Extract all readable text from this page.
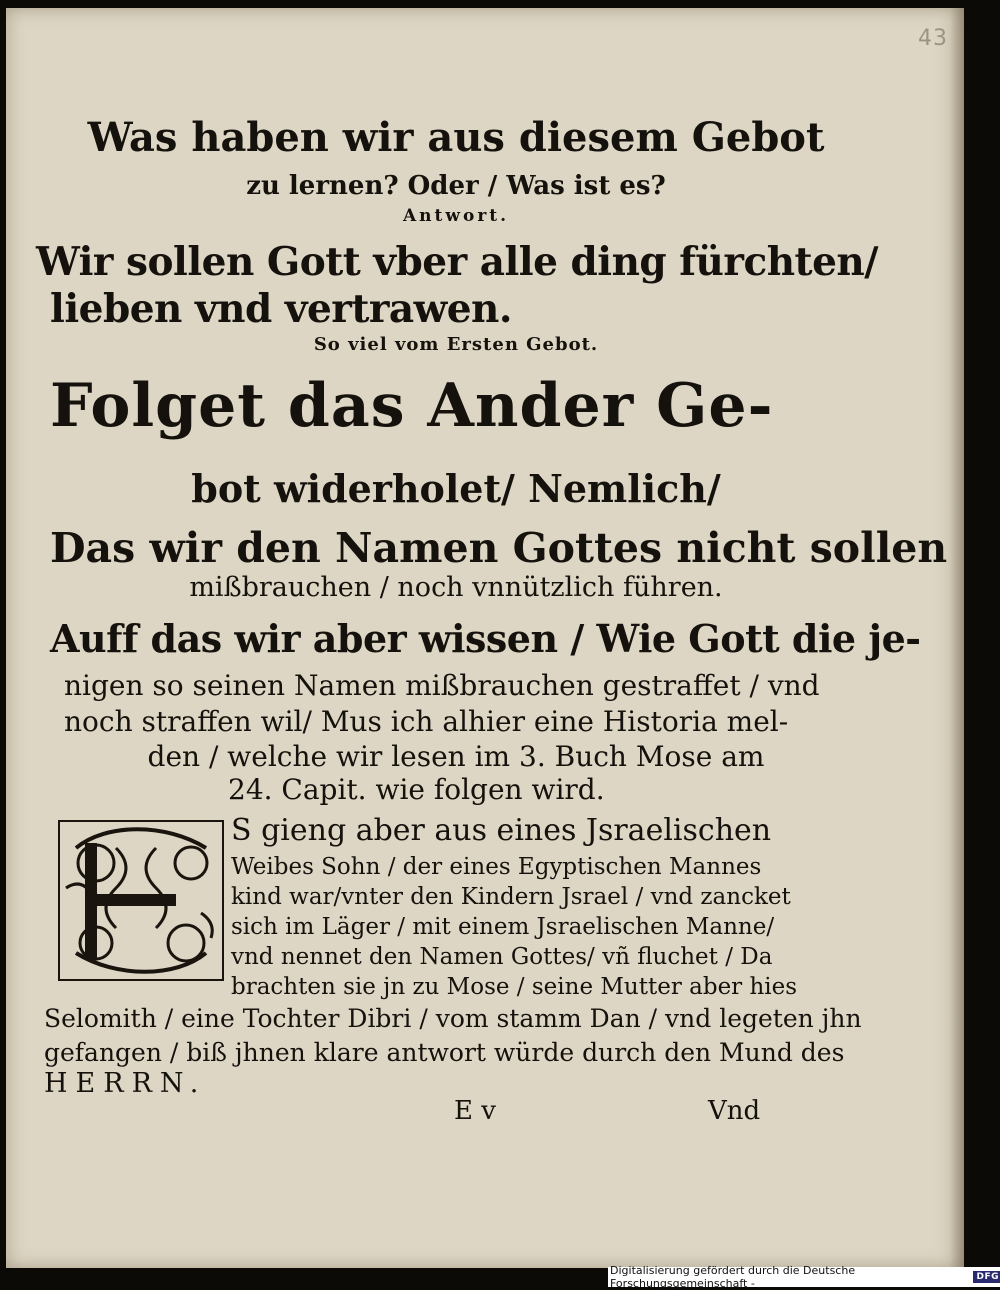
43
Was haben wir aus diesem Gebot
zu lernen? Oder / Was ist es?
Antwort.
Wir sollen Gott vber alle ding fürchten/
lieben vnd vertrawen.
So viel vom Ersten Gebot.
Folget das Ander Ge-
bot widerholet/ Nemlich/
Das wir den Namen Gottes nicht sollen
mißbrauchen / noch vnnützlich führen.
Auff das wir aber wissen / Wie Gott die je-
nigen so seinen Namen mißbrauchen gestraffet / vnd
noch straffen wil/ Mus ich alhier eine Historia mel-
den / welche wir lesen im 3. Buch Mose am
24. Capit. wie folgen wird.
S gieng aber aus eines Jsraelischen
Weibes Sohn / der eines Egyptischen Mannes
kind war/vnter den Kindern Jsrael / vnd zancket
sich im Läger / mit einem Jsraelischen Manne/
vnd nennet den Namen Gottes/ vñ fluchet / Da
brachten sie jn zu Mose / seine Mutter aber hies
Selomith / eine Tochter Dibri / vom stamm Dan / vnd legeten jhn
gefangen / biß jhnen klare antwort würde durch den Mund des
HERRN.
E v	Vnd
Digitalisierung gefördert durch die Deutsche Forschungsgemeinschaft -	DFG
